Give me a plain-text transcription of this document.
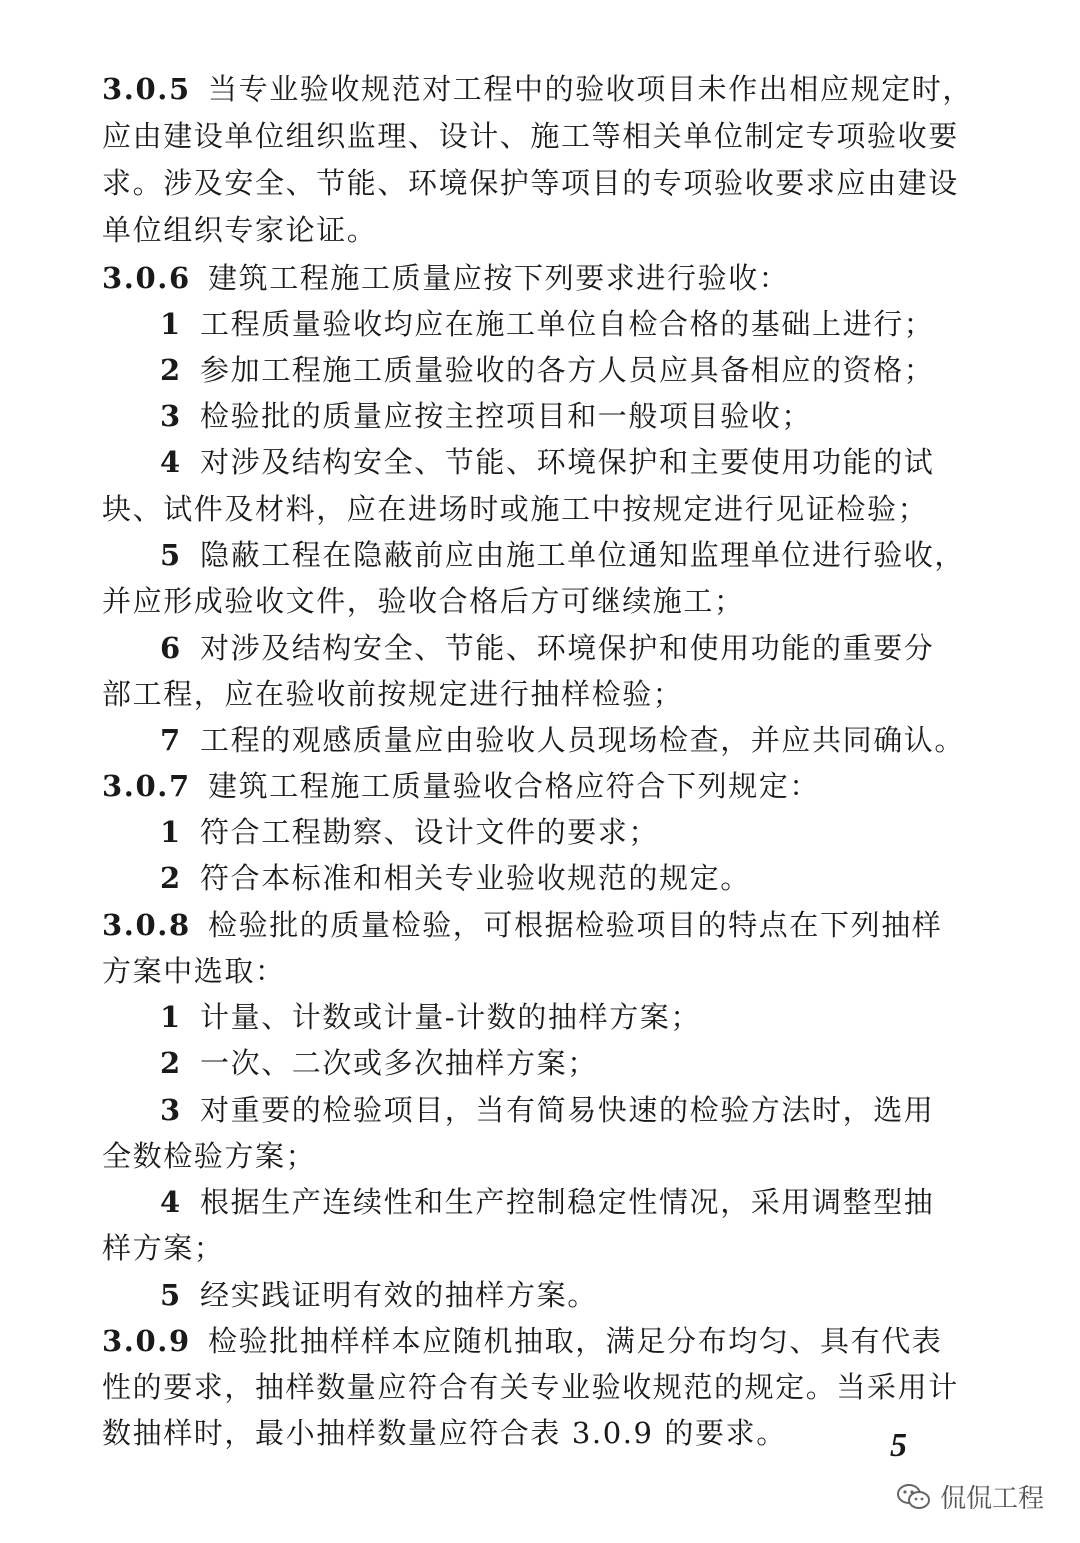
3.0.5 当专业验收规范对工程中的验收项目未作出相应规定时，
应由建设单位组织监理、设计、施工等相关单位制定专项验收要
求。涉及安全、节能、环境保护等项目的专项验收要求应由建设
单位组织专家论证。
3.0.6 建筑工程施工质量应按下列要求进行验收：
1 工程质量验收均应在施工单位自检合格的基础上进行；
2 参加工程施工质量验收的各方人员应具备相应的资格；
3 检验批的质量应按主控项目和一般项目验收；
4 对涉及结构安全、节能、环境保护和主要使用功能的试
块、试件及材料，应在进场时或施工中按规定进行见证检验；
5 隐蔽工程在隐蔽前应由施工单位通知监理单位进行验收，
并应形成验收文件，验收合格后方可继续施工；
6 对涉及结构安全、节能、环境保护和使用功能的重要分
部工程，应在验收前按规定进行抽样检验；
7 工程的观感质量应由验收人员现场检查，并应共同确认。
3.0.7 建筑工程施工质量验收合格应符合下列规定：
1 符合工程勘察、设计文件的要求；
2 符合本标准和相关专业验收规范的规定。
3.0.8 检验批的质量检验，可根据检验项目的特点在下列抽样
方案中选取：
1 计量、计数或计量-计数的抽样方案；
2 一次、二次或多次抽样方案；
3 对重要的检验项目，当有简易快速的检验方法时，选用
全数检验方案；
4 根据生产连续性和生产控制稳定性情况，采用调整型抽
样方案；
5 经实践证明有效的抽样方案。
3.0.9 检验批抽样样本应随机抽取，满足分布均匀、具有代表
性的要求，抽样数量应符合有关专业验收规范的规定。当采用计
数抽样时，最小抽样数量应符合表 3.0.9 的要求。	5
侃侃工程
